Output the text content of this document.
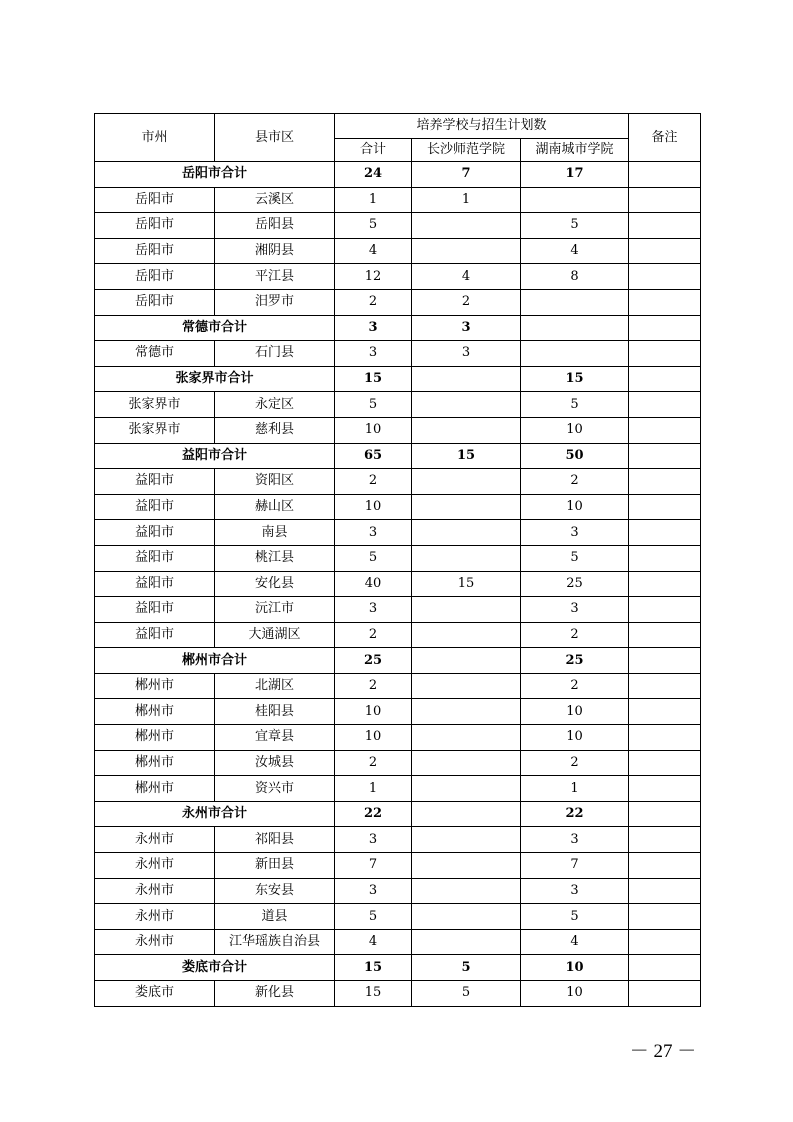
市州	县市区	培养学校与招生计划数			备注
		合计	长沙师范学院	湖南城市学院	
岳阳市合计		24	7	17	
岳阳市	云溪区	1	1		
岳阳市	岳阳县	5		5	
岳阳市	湘阴县	4		4	
岳阳市	平江县	12	4	8	
岳阳市	汨罗市	2	2		
常德市合计		3	3		
常德市	石门县	3	3		
张家界市合计		15		15	
张家界市	永定区	5		5	
张家界市	慈利县	10		10	
益阳市合计		65	15	50	
益阳市	资阳区	2		2	
益阳市	赫山区	10		10	
益阳市	南县	3		3	
益阳市	桃江县	5		5	
益阳市	安化县	40	15	25	
益阳市	沅江市	3		3	
益阳市	大通湖区	2		2	
郴州市合计		25		25	
郴州市	北湖区	2		2	
郴州市	桂阳县	10		10	
郴州市	宜章县	10		10	
郴州市	汝城县	2		2	
郴州市	资兴市	1		1	
永州市合计		22		22	
永州市	祁阳县	3		3	
永州市	新田县	7		7	
永州市	东安县	3		3	
永州市	道县	5		5	
永州市	江华瑶族自治县	4		4	
娄底市合计		15	5	10	
娄底市	新化县	15	5	10	
－ 27 －
